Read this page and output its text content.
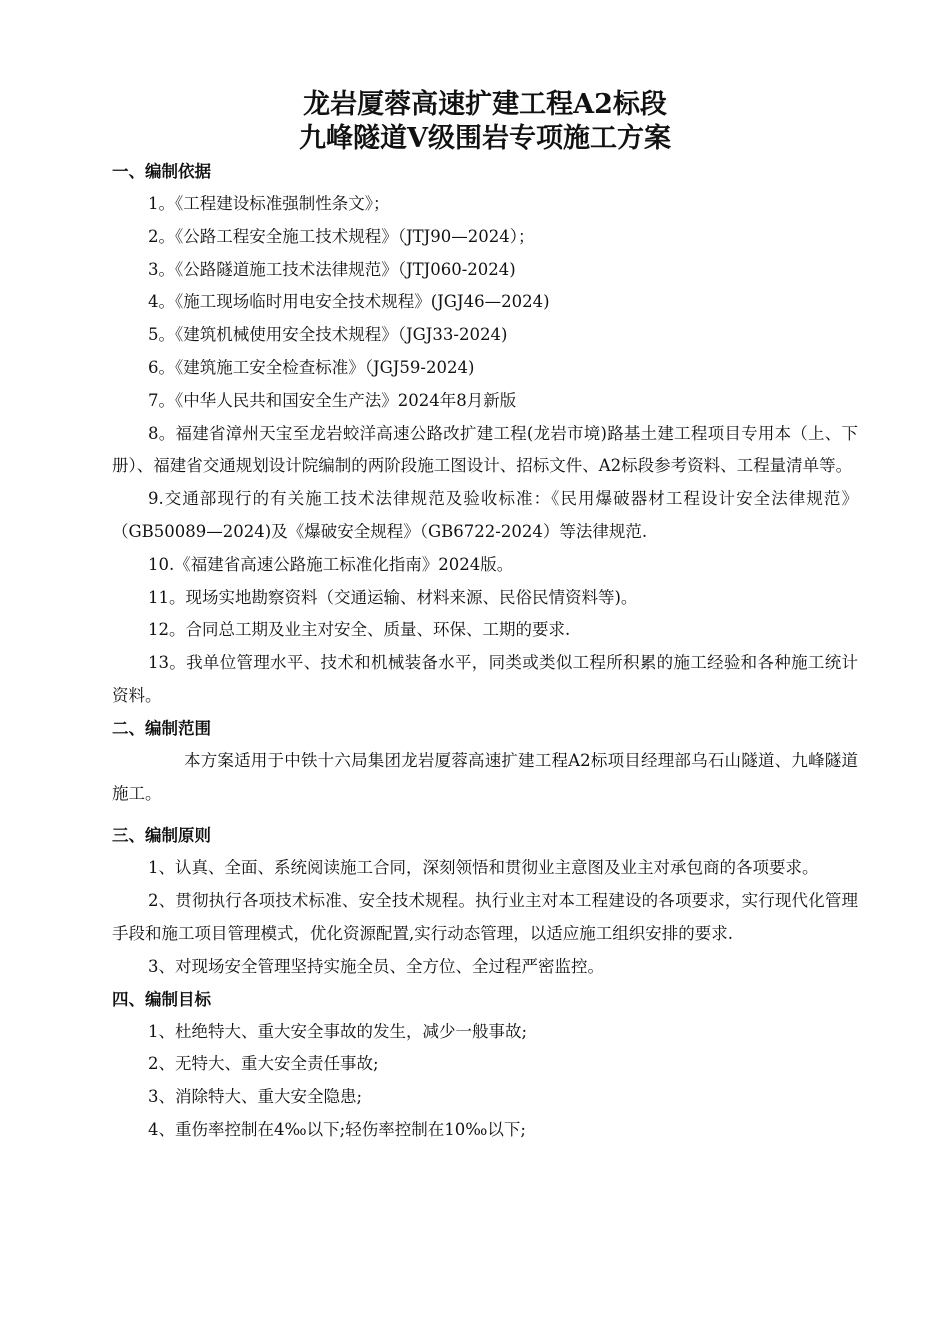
龙岩厦蓉高速扩建工程A2标段
九峰隧道Ⅴ级围岩专项施工方案

一、编制依据

1。《工程建设标准强制性条文》；

2。《公路工程安全施工技术规程》（JTJ90—2024）；

3。《公路隧道施工技术法律规范》（JTJ060-2024)

4。《施工现场临时用电安全技术规程》(JGJ46—2024)

5。《建筑机械使用安全技术规程》（JGJ33-2024)

6。《建筑施工安全检查标准》（JGJ59-2024)

7。《中华人民共和国安全生产法》2024年8月新版

8。福建省漳州天宝至龙岩蛟洋高速公路改扩建工程(龙岩市境)路基土建工程项目专用本（上、下册）、福建省交通规划设计院编制的两阶段施工图设计、招标文件、A2标段参考资料、工程量清单等。

9.交通部现行的有关施工技术法律规范及验收标准：《民用爆破器材工程设计安全法律规范》（GB50089—2024)及《爆破安全规程》（GB6722-2024）等法律规范.

10.《福建省高速公路施工标准化指南》2024版。

11。现场实地勘察资料（交通运输、材料来源、民俗民情资料等)。

12。合同总工期及业主对安全、质量、环保、工期的要求.

13。我单位管理水平、技术和机械装备水平，同类或类似工程所积累的施工经验和各种施工统计资料。

二、编制范围

本方案适用于中铁十六局集团龙岩厦蓉高速扩建工程A2标项目经理部乌石山隧道、九峰隧道施工。

三、编制原则

1、认真、全面、系统阅读施工合同，深刻领悟和贯彻业主意图及业主对承包商的各项要求。

2、贯彻执行各项技术标准、安全技术规程。执行业主对本工程建设的各项要求，实行现代化管理手段和施工项目管理模式，优化资源配置,实行动态管理，以适应施工组织安排的要求.

3、对现场安全管理坚持实施全员、全方位、全过程严密监控。

四、编制目标

1、杜绝特大、重大安全事故的发生，减少一般事故;

2、无特大、重大安全责任事故;

3、消除特大、重大安全隐患;

4、重伤率控制在4‰以下;轻伤率控制在10‰以下;
